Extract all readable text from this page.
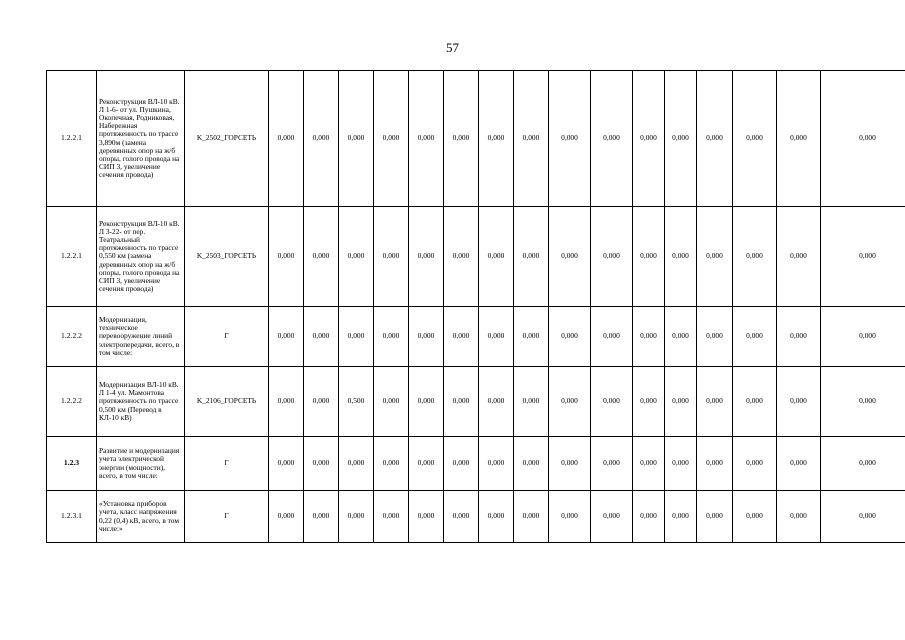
57
1.2.2.1	Реконструкция ВЛ-10 кВ. Л 1-6- от ул. Пушкина, Окопечная, Родниковая, Набережная протяженность по трассе 3,890м (замена деревянных опор на ж/б опоры, голого провода на СИП 3, увеличение сечения провода)	K_2502_ГОРСЕТЬ	0,000	0,000	0,000	0,000	0,000	0,000	0,000	0,000	0,000	0,000	0,000	0,000	0,000	0,000	0,000	0,000
1.2.2.1	Реконструкция ВЛ-10 кВ. Л 3-22- от пер. Театральный протяженность по трассе 0,550 км (замена деревянных опор на ж/б опоры, голого провода на СИП 3, увеличение сечения провода)	K_2503_ГОРСЕТЬ	0,000	0,000	0,000	0,000	0,000	0,000	0,000	0,000	0,000	0,000	0,000	0,000	0,000	0,000	0,000	0,000
1.2.2.2	Модернизация, техническое перевооружение линий электропередачи, всего, в том числе:	Г	0,000	0,000	0,000	0,000	0,000	0,000	0,000	0,000	0,000	0,000	0,000	0,000	0,000	0,000	0,000	0,000
1.2.2.2	Модернизация ВЛ-10 кВ. Л 1-4 ул. Мамонтова протяженность по трассе 0,500 км (Перевод в КЛ-10 кВ)	K_2106_ГОРСЕТЬ	0,000	0,000	0,500	0,000	0,000	0,000	0,000	0,000	0,000	0,000	0,000	0,000	0,000	0,000	0,000	0,000
1.2.3	Развитие и модернизация учета электрической энергии (мощности), всего, в том числе:	Г	0,000	0,000	0,000	0,000	0,000	0,000	0,000	0,000	0,000	0,000	0,000	0,000	0,000	0,000	0,000	0,000
1.2.3.1	«Установка приборов учета, класс напряжения 0,22 (0,4) кВ, всего, в том числе:»	Г	0,000	0,000	0,000	0,000	0,000	0,000	0,000	0,000	0,000	0,000	0,000	0,000	0,000	0,000	0,000	0,000
